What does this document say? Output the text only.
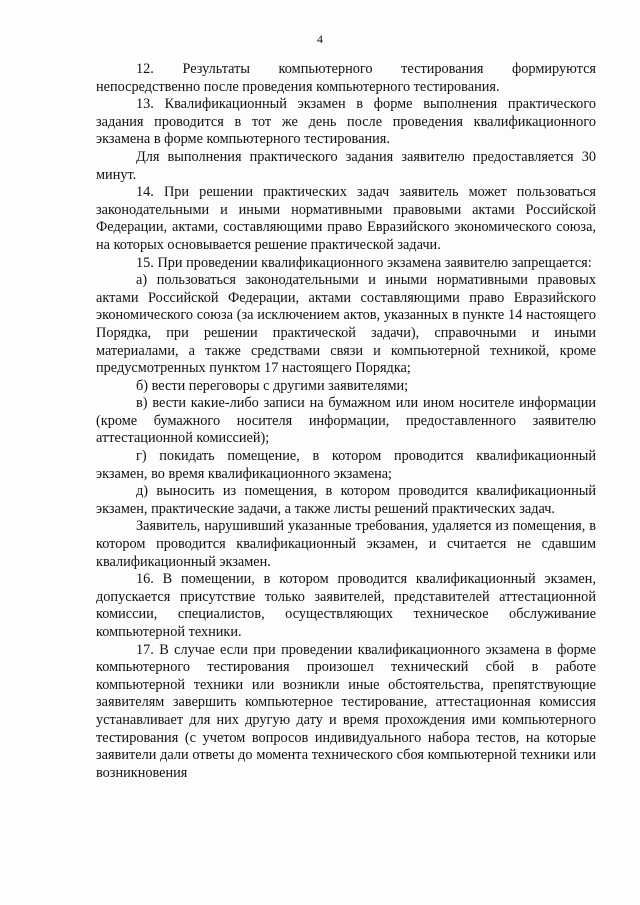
4

12. Результаты компьютерного тестирования формируются непосредственно после проведения компьютерного тестирования.

13. Квалификационный экзамен в форме выполнения практического задания проводится в тот же день после проведения квалификационного экзамена в форме компьютерного тестирования.

Для выполнения практического задания заявителю предоставляется 30 минут.

14. При решении практических задач заявитель может пользоваться законодательными и иными нормативными правовыми актами Российской Федерации, актами, составляющими право Евразийского экономического союза, на которых основывается решение практической задачи.

15. При проведении квалификационного экзамена заявителю запрещается:

а) пользоваться законодательными и иными нормативными правовых актами Российской Федерации, актами составляющими право Евразийского экономического союза (за исключением актов, указанных в пункте 14 настоящего Порядка, при решении практической задачи), справочными и иными материалами, а также средствами связи и компьютерной техникой, кроме предусмотренных пунктом 17 настоящего Порядка;

б) вести переговоры с другими заявителями;

в) вести какие-либо записи на бумажном или ином носителе информации (кроме бумажного носителя информации, предоставленного заявителю аттестационной комиссией);

г) покидать помещение, в котором проводится квалификационный экзамен, во время квалификационного экзамена;

д) выносить из помещения, в котором проводится квалификационный экзамен, практические задачи, а также листы решений практических задач.

Заявитель, нарушивший указанные требования, удаляется из помещения, в котором проводится квалификационный экзамен, и считается не сдавшим квалификационный экзамен.

16. В помещении, в котором проводится квалификационный экзамен, допускается присутствие только заявителей, представителей аттестационной комиссии, специалистов, осуществляющих техническое обслуживание компьютерной техники.

17. В случае если при проведении квалификационного экзамена в форме компьютерного тестирования произошел технический сбой в работе компьютерной техники или возникли иные обстоятельства, препятствующие заявителям завершить компьютерное тестирование, аттестационная комиссия устанавливает для них другую дату и время прохождения ими компьютерного тестирования (с учетом вопросов индивидуального набора тестов, на которые заявители дали ответы до момента технического сбоя компьютерной техники или возникновения
